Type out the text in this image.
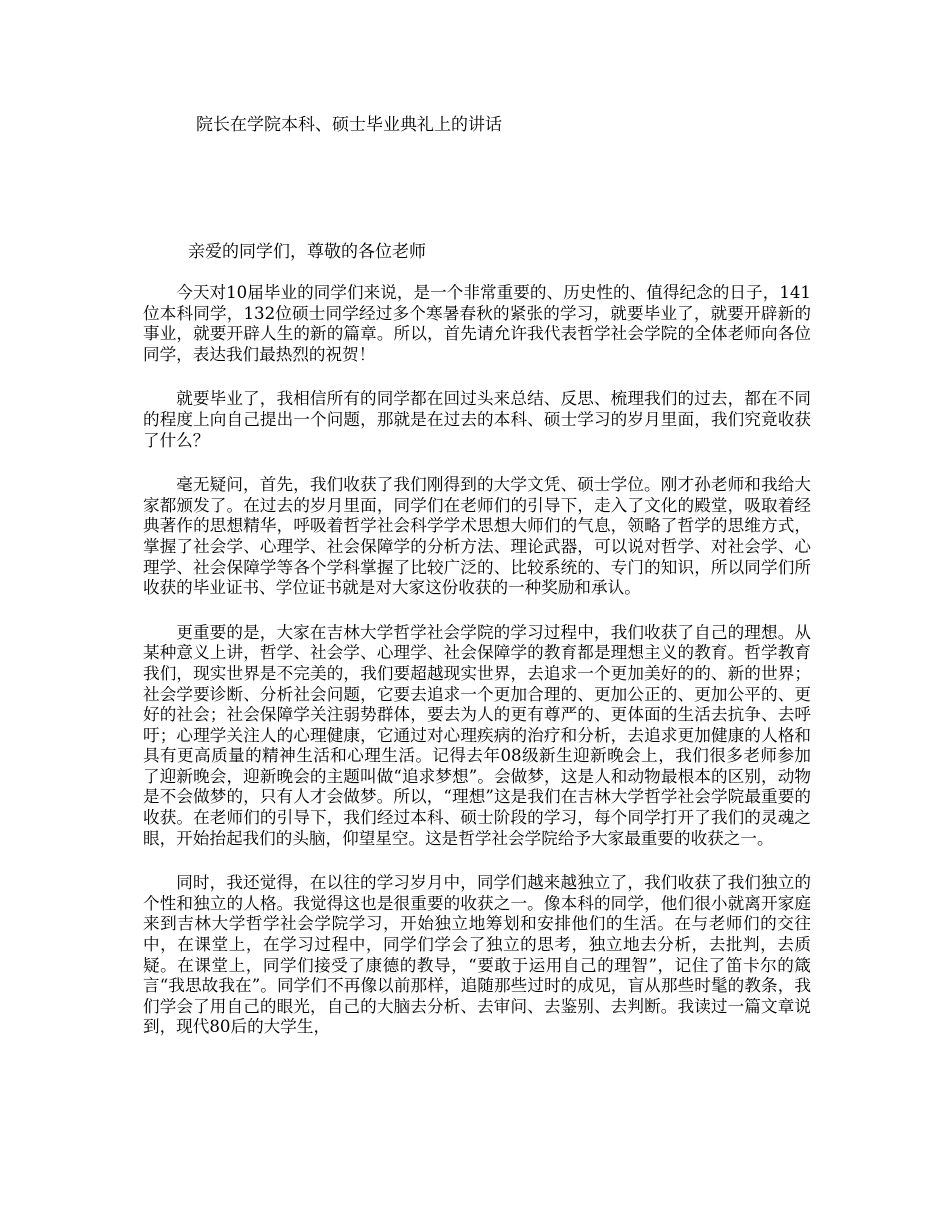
院长在学院本科、硕士毕业典礼上的讲话

亲爱的同学们，尊敬的各位老师

今天对10届毕业的同学们来说，是一个非常重要的、历史性的、值得纪念的日子，141位本科同学，132位硕士同学经过多个寒暑春秋的紧张的学习，就要毕业了，就要开辟新的事业，就要开辟人生的新的篇章。所以，首先请允许我代表哲学社会学院的全体老师向各位同学，表达我们最热烈的祝贺！

就要毕业了，我相信所有的同学都在回过头来总结、反思、梳理我们的过去，都在不同的程度上向自己提出一个问题，那就是在过去的本科、硕士学习的岁月里面，我们究竟收获了什么？

毫无疑问，首先，我们收获了我们刚得到的大学文凭、硕士学位。刚才孙老师和我给大家都颁发了。在过去的岁月里面，同学们在老师们的引导下，走入了文化的殿堂，吸取着经典著作的思想精华，呼吸着哲学社会科学学术思想大师们的气息，领略了哲学的思维方式，掌握了社会学、心理学、社会保障学的分析方法、理论武器，可以说对哲学、对社会学、心理学、社会保障学等各个学科掌握了比较广泛的、比较系统的、专门的知识，所以同学们所收获的毕业证书、学位证书就是对大家这份收获的一种奖励和承认。

更重要的是，大家在吉林大学哲学社会学院的学习过程中，我们收获了自己的理想。从某种意义上讲，哲学、社会学、心理学、社会保障学的教育都是理想主义的教育。哲学教育我们，现实世界是不完美的，我们要超越现实世界，去追求一个更加美好的的、新的世界；社会学要诊断、分析社会问题，它要去追求一个更加合理的、更加公正的、更加公平的、更好的社会；社会保障学关注弱势群体，要去为人的更有尊严的、更体面的生活去抗争、去呼吁；心理学关注人的心理健康，它通过对心理疾病的治疗和分析，去追求更加健康的人格和具有更高质量的精神生活和心理生活。记得去年08级新生迎新晚会上，我们很多老师参加了迎新晚会，迎新晚会的主题叫做“追求梦想”。会做梦，这是人和动物最根本的区别，动物是不会做梦的，只有人才会做梦。所以，“理想”这是我们在吉林大学哲学社会学院最重要的收获。在老师们的引导下，我们经过本科、硕士阶段的学习，每个同学打开了我们的灵魂之眼，开始抬起我们的头脑，仰望星空。这是哲学社会学院给予大家最重要的收获之一。

同时，我还觉得，在以往的学习岁月中，同学们越来越独立了，我们收获了我们独立的个性和独立的人格。我觉得这也是很重要的收获之一。像本科的同学，他们很小就离开家庭来到吉林大学哲学社会学院学习，开始独立地筹划和安排他们的生活。在与老师们的交往中，在课堂上，在学习过程中，同学们学会了独立的思考，独立地去分析，去批判，去质疑。在课堂上，同学们接受了康德的教导，“要敢于运用自己的理智”，记住了笛卡尔的箴言“我思故我在”。同学们不再像以前那样，追随那些过时的成见，盲从那些时髦的教条，我们学会了用自己的眼光，自己的大脑去分析、去审问、去鉴别、去判断。我读过一篇文章说到，现代80后的大学生，
